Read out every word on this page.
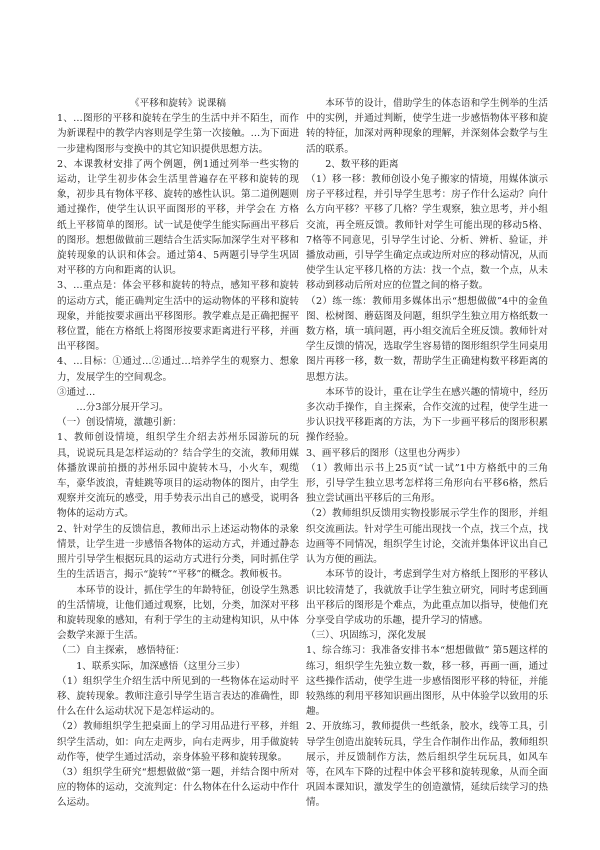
《平移和旋转》说课稿

1、…图形的平移和旋转在学生的生活中并不陌生，而作为新课程中的教学内容则是学生第一次接触。…为下面进一步建构图形与变换中的其它知识提供思想方法。

2、本课教材安排了两个例题，例1通过列举一些实物的运动，让学生初步体会生活里普遍存在平移和旋转的现象，初步具有物体平移、旋转的感性认识。第二道例题则通过操作，使学生认识平面图形的平移，并学会在 方格纸上平移简单的图形。试一试是使学生能实际画出平移后的图形。想想做做前三题结合生活实际加深学生对平移和旋转现象的认识和体会。通过第4、5两题引导学生巩固对平移的方向和距离的认识。

3、…重点是：体会平移和旋转的特点，感知平移和旋转的运动方式，能正确判定生活中的运动物体的平移和旋转现象，并能按要求画出平移图形。教学难点是正确把握平移位置，能在方格纸上将图形按要求距离进行平移，并画出平移图。

4、…目标：①通过…②通过…培养学生的观察力、想象力，发展学生的空间观念。

③通过…

…分3部分展开学习。

（一）创设情境，激趣引新：

1、教师创设情境，组织学生介绍去苏州乐园游玩的玩具，说说玩具是怎样运动的？结合学生的交流，教师用媒体播放课前拍摄的苏州乐园中旋转木马，小火车，观缆车，豪华波浪，青蛙跳等项目的运动物体的图片，由学生观察并交流玩的感受，用手势表示出自己的感受，说明各物体的运动方式。

2、针对学生的反馈信息，教师出示上述运动物体的录象情景，让学生进一步感悟各物体的运动方式，并通过静态照片引导学生根据玩具的运动方式进行分类，同时抓住学生的生活语言，揭示“旋转”“平移”的概念。教师板书。

本环节的设计，抓住学生的年龄特征，创设学生熟悉的生活情境，让他们通过观察，比划，分类，加深对平移和旋转现象的感知，有利于学生的主动建构知识，从中体会数学来源于生活。

（二）自主探索， 感悟特征：

1、联系实际，加深感悟（这里分三步）

（1）组织学生介绍生活中所见到的一些物体在运动时平移、旋转现象。教师注意引导学生语言表达的准确性，即什么在什么运动状况下是怎样运动的。

（2）教师组织学生把桌面上的学习用品进行平移，并组织学生活动，如：向左走两步，向右走两步，用手做旋转动作等，使学生通过活动，亲身体验平移和旋转现象。

（3）组织学生研究“想想做做“第一题，并结合图中所对应的物体的运动，交流判定：什么物体在什么运动中作什么运动。

本环节的设计，借助学生的体态语和学生例举的生活中的实例，并通过判断，使学生进一步感悟物体平移和旋转的特征，加深对两种现象的理解，并深刻体会数学与生活的联系。

2、数平移的距离

（1）移一移：教师创设小兔子搬家的情境，用媒体演示房子平移过程，并引导学生思考：房子作什么运动？向什么方向平移？平移了几格？学生观察，独立思考，并小组交流，再全班反馈。教师针对学生可能出现的移动5格、7格等不同意见，引导学生讨论、分析、辨析、验证，并播放动画，引导学生确定点或边所对应的移动情况，从而使学生认定平移几格的方法：找一个点，数一个点，从未移动到移动后所对应的位置之间的格子数。

（2）练一练：教师用多媒体出示“想想做做”4中的金鱼图、松树图、蘑菇图及问题，组织学生独立用方格纸数一数方格，填一填问题，再小组交流后全班反馈。教师针对学生反馈的情况，选取学生容易错的图形组织学生同桌用图片再移一移，数一数，帮助学生正确建构数平移距离的思想方法。

本环节的设计，重在让学生在感兴趣的情境中，经历多次动手操作，自主探索，合作交流的过程，使学生进一步认识找平移距离的方法，为下一步画平移后的图形积累操作经验。

3、画平移后的图形（这里也分两步）

（1）教师出示书上25页“试一试”1中方格纸中的三角形，引导学生独立思考怎样将三角形向右平移6格，然后独立尝试画出平移后的三角形。

（2）教师组织反馈用实物投影展示学生作的图形，并组织交流画法。针对学生可能出现找一个点，找三个点，找边画等不同情况，组织学生讨论，交流并集体评议出自己认为方便的画法。

本环节的设计，考虑到学生对方格纸上图形的平移认识比较清楚了，我就放手让学生独立研究，同时考虑到画出平移后的图形是个难点，为此重点加以指导，使他们充分享受自学成功的乐趣，提升学习的情感。

（三）、巩固练习，深化发展

1、综合练习：我准备安排书本“想想做做” 第5题这样的练习，组织学生先独立数一数，移一移，再画一画，通过这些操作活动，使学生进一步感悟图形平移的特征，并能较熟练的利用平移知识画出图形，从中体验学以致用的乐趣。

2、开放练习，教师提供一些纸条，胶水，线等工具，引导学生创造出旋转玩具，学生合作制作出作品，教师组织展示，并反馈制作方法，然后组织学生玩玩具，如风车等，在风车下降的过程中体会平移和旋转现象，从而全面巩固本课知识，激发学生的创造激情，延续后续学习的热情。
